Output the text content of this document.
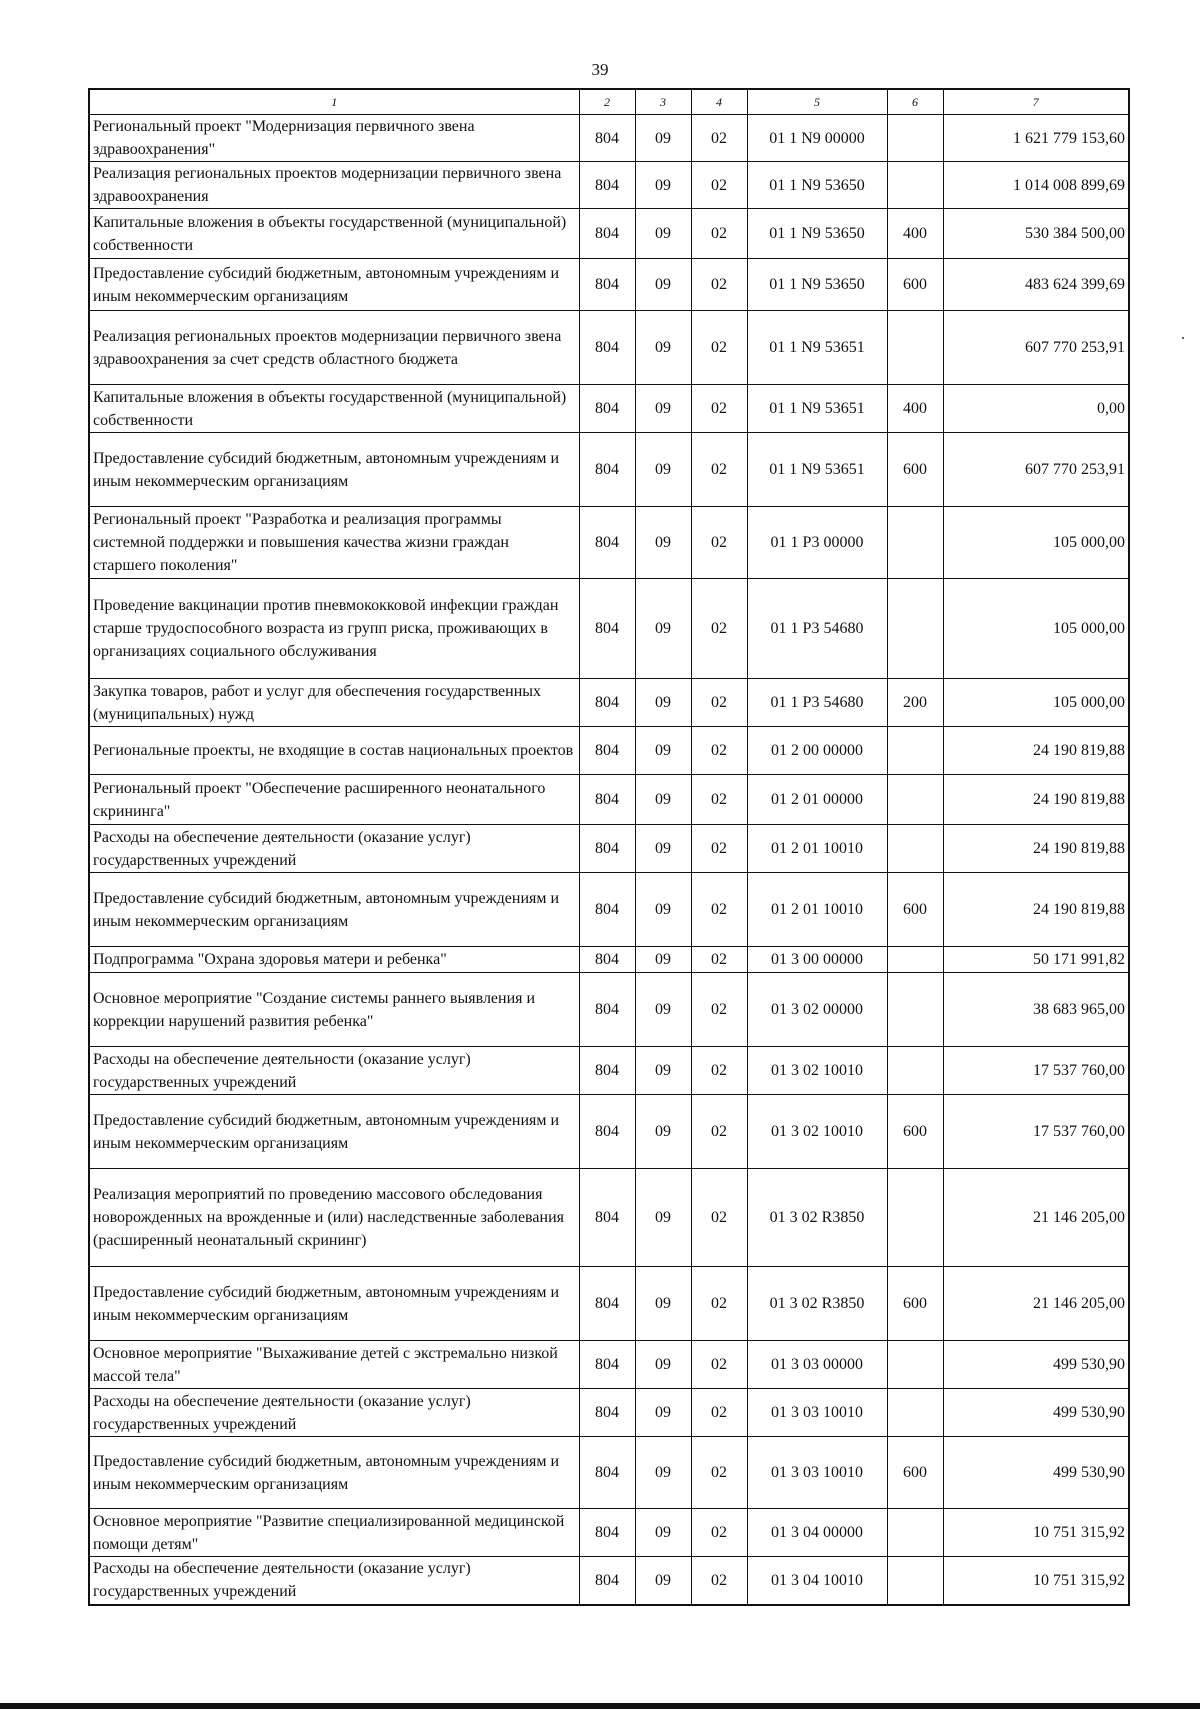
39
1	2	3	4	5	6	7
Региональный проект "Модернизация первичного звена здравоохранения"	804	09	02	01 1 N9 00000		1 621 779 153,60
Реализация региональных проектов модернизации первичного звена здравоохранения	804	09	02	01 1 N9 53650		1 014 008 899,69
Капитальные вложения в объекты государственной (муниципальной) собственности	804	09	02	01 1 N9 53650	400	530 384 500,00
Предоставление субсидий бюджетным, автономным учреждениям и иным некоммерческим организациям	804	09	02	01 1 N9 53650	600	483 624 399,69
Реализация региональных проектов модернизации первичного звена здравоохранения за счет средств областного бюджета	804	09	02	01 1 N9 53651		607 770 253,91
Капитальные вложения в объекты государственной (муниципальной) собственности	804	09	02	01 1 N9 53651	400	0,00
Предоставление субсидий бюджетным, автономным учреждениям и иным некоммерческим организациям	804	09	02	01 1 N9 53651	600	607 770 253,91
Региональный проект "Разработка и реализация программы системной поддержки и повышения качества жизни граждан старшего поколения"	804	09	02	01 1 P3 00000		105 000,00
Проведение вакцинации против пневмококковой инфекции граждан старше трудоспособного возраста из групп риска, проживающих в организациях социального обслуживания	804	09	02	01 1 P3 54680		105 000,00
Закупка товаров, работ и услуг для обеспечения государственных (муниципальных) нужд	804	09	02	01 1 P3 54680	200	105 000,00
Региональные проекты, не входящие в состав национальных проектов	804	09	02	01 2 00 00000		24 190 819,88
Региональный проект "Обеспечение расширенного неонатального скрининга"	804	09	02	01 2 01 00000		24 190 819,88
Расходы на обеспечение деятельности (оказание услуг) государственных учреждений	804	09	02	01 2 01 10010		24 190 819,88
Предоставление субсидий бюджетным, автономным учреждениям и иным некоммерческим организациям	804	09	02	01 2 01 10010	600	24 190 819,88
Подпрограмма "Охрана здоровья матери и ребенка"	804	09	02	01 3 00 00000		50 171 991,82
Основное мероприятие "Создание системы раннего выявления и коррекции нарушений развития ребенка"	804	09	02	01 3 02 00000		38 683 965,00
Расходы на обеспечение деятельности (оказание услуг) государственных учреждений	804	09	02	01 3 02 10010		17 537 760,00
Предоставление субсидий бюджетным, автономным учреждениям и иным некоммерческим организациям	804	09	02	01 3 02 10010	600	17 537 760,00
Реализация мероприятий по проведению массового обследования новорожденных на врожденные и (или) наследственные заболевания (расширенный неонатальный скрининг)	804	09	02	01 3 02 R3850		21 146 205,00
Предоставление субсидий бюджетным, автономным учреждениям и иным некоммерческим организациям	804	09	02	01 3 02 R3850	600	21 146 205,00
Основное мероприятие "Выхаживание детей с экстремально низкой массой тела"	804	09	02	01 3 03 00000		499 530,90
Расходы на обеспечение деятельности (оказание услуг) государственных учреждений	804	09	02	01 3 03 10010		499 530,90
Предоставление субсидий бюджетным, автономным учреждениям и иным некоммерческим организациям	804	09	02	01 3 03 10010	600	499 530,90
Основное мероприятие "Развитие специализированной медицинской помощи детям"	804	09	02	01 3 04 00000		10 751 315,92
Расходы на обеспечение деятельности (оказание услуг) государственных учреждений	804	09	02	01 3 04 10010		10 751 315,92
